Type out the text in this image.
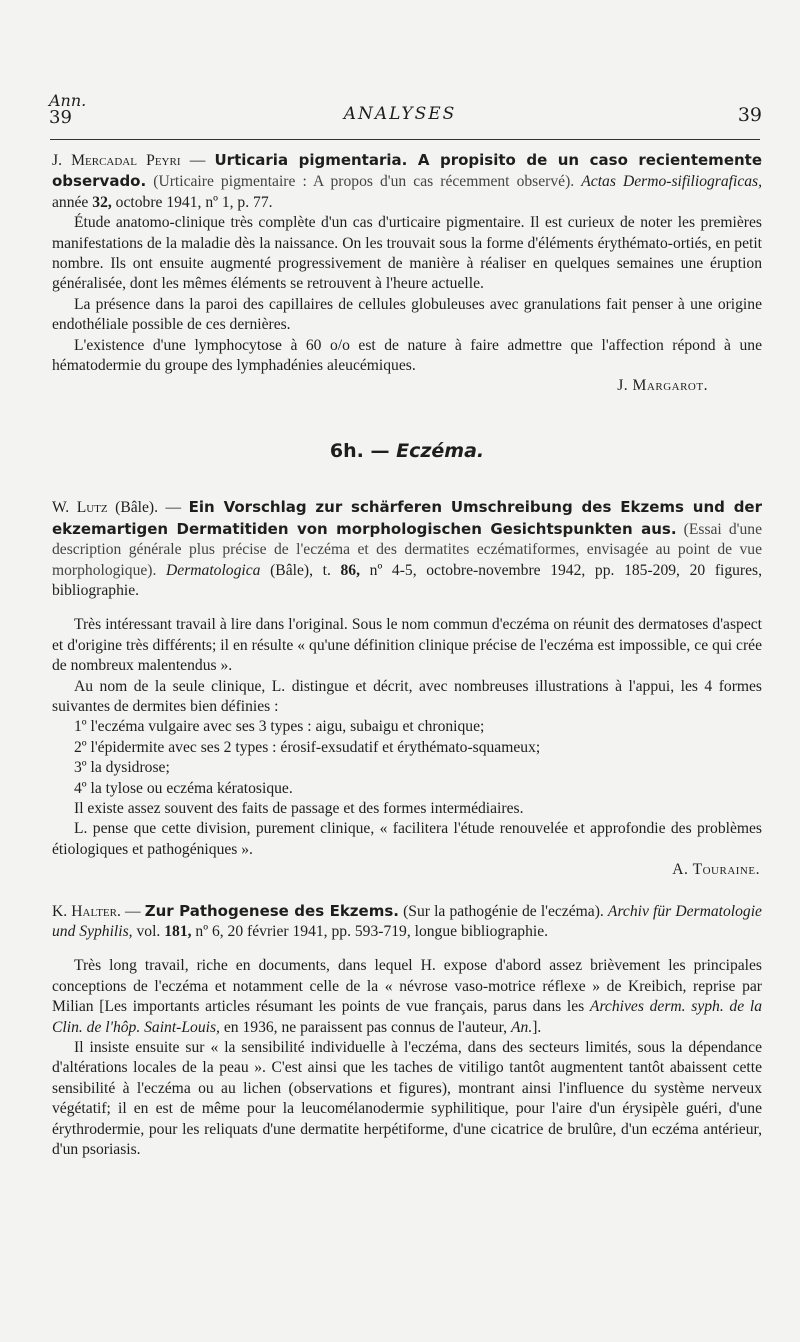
Ann.
39	ANALYSES	39

J. Mercadal Peyri — Urticaria pigmentaria. A propisito de un caso recientemente observado. (Urticaire pigmentaire : A propos d'un cas récemment observé). Actas Dermo-sifiliograficas, année 32, octobre 1941, nº 1, p. 77.

Étude anatomo-clinique très complète d'un cas d'urticaire pigmentaire. Il est curieux de noter les premières manifestations de la maladie dès la naissance. On les trouvait sous la forme d'éléments érythémato-ortiés, en petit nombre. Ils ont ensuite augmenté progressivement de manière à réaliser en quelques semaines une éruption généralisée, dont les mêmes éléments se retrouvent à l'heure actuelle.

La présence dans la paroi des capillaires de cellules globuleuses avec granulations fait penser à une origine endothéliale possible de ces dernières.

L'existence d'une lymphocytose à 60 o/o est de nature à faire admettre que l'affection répond à une hématodermie du groupe des lymphadénies aleucémiques.

J. Margarot.

6h. — Eczéma.

W. Lutz (Bâle). — Ein Vorschlag zur schärferen Umschreibung des Ekzems und der ekzemartigen Dermatitiden von morphologischen Gesichtspunkten aus. (Essai d'une description générale plus précise de l'eczéma et des dermatites eczématiformes, envisagée au point de vue morphologique). Dermatologica (Bâle), t. 86, nº 4-5, octobre-novembre 1942, pp. 185-209, 20 figures, bibliographie.

Très intéressant travail à lire dans l'original. Sous le nom commun d'eczéma on réunit des dermatoses d'aspect et d'origine très différents; il en résulte « qu'une définition clinique précise de l'eczéma est impossible, ce qui crée de nombreux malentendus ».

Au nom de la seule clinique, L. distingue et décrit, avec nombreuses illustrations à l'appui, les 4 formes suivantes de dermites bien définies :

1º l'eczéma vulgaire avec ses 3 types : aigu, subaigu et chronique;

2º l'épidermite avec ses 2 types : érosif-exsudatif et érythémato-squameux;

3º la dysidrose;

4º la tylose ou eczéma kératosique.

Il existe assez souvent des faits de passage et des formes intermédiaires.

L. pense que cette division, purement clinique, « facilitera l'étude renouvelée et approfondie des problèmes étiologiques et pathogéniques ».

A. Touraine.

K. Halter. — Zur Pathogenese des Ekzems. (Sur la pathogénie de l'eczéma). Archiv für Dermatologie und Syphilis, vol. 181, nº 6, 20 février 1941, pp. 593-719, longue bibliographie.

Très long travail, riche en documents, dans lequel H. expose d'abord assez brièvement les principales conceptions de l'eczéma et notamment celle de la « névrose vaso-motrice réflexe » de Kreibich, reprise par Milian [Les importants articles résumant les points de vue français, parus dans les Archives derm. syph. de la Clin. de l'hôp. Saint-Louis, en 1936, ne paraissent pas connus de l'auteur, An.].

Il insiste ensuite sur « la sensibilité individuelle à l'eczéma, dans des secteurs limités, sous la dépendance d'altérations locales de la peau ». C'est ainsi que les taches de vitiligo tantôt augmentent tantôt abaissent cette sensibilité à l'eczéma ou au lichen (observations et figures), montrant ainsi l'influence du système nerveux végétatif; il en est de même pour la leucomélanodermie syphilitique, pour l'aire d'un érysipèle guéri, d'une érythrodermie, pour les reliquats d'une dermatite herpétiforme, d'une cicatrice de brulûre, d'un eczéma antérieur, d'un psoriasis.
